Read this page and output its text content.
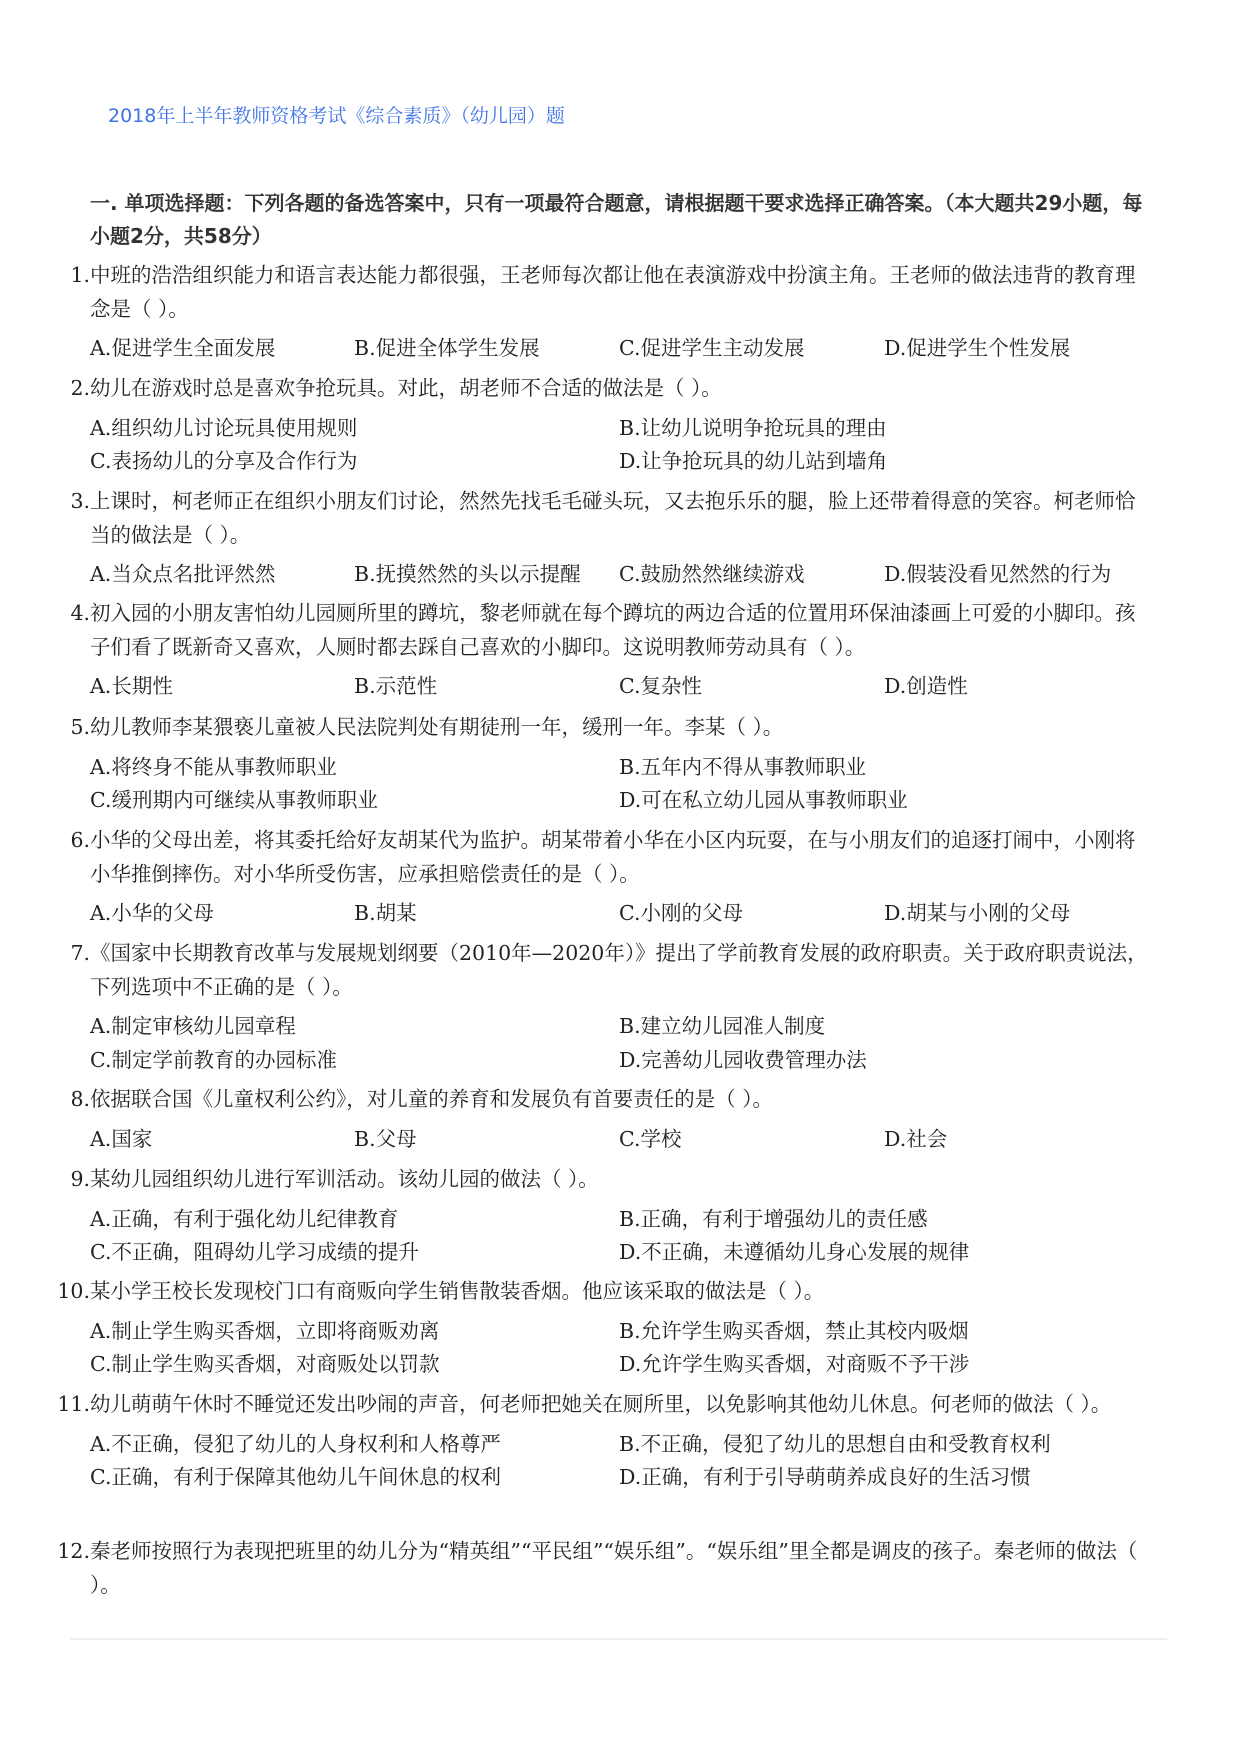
2018年上半年教师资格考试《综合素质》（幼儿园）题
一. 单项选择题：下列各题的备选答案中，只有一项最符合题意，请根据题干要求选择正确答案。（本大题共29小题，每小题2分，共58分）
1. 中班的浩浩组织能力和语言表达能力都很强，王老师每次都让他在表演游戏中扮演主角。王老师的做法违背的教育理念是（ ）。
A.促进学生全面发展	B.促进全体学生发展	C.促进学生主动发展	D.促进学生个性发展
2. 幼儿在游戏时总是喜欢争抢玩具。对此，胡老师不合适的做法是（ ）。
A.组织幼儿讨论玩具使用规则	B.让幼儿说明争抢玩具的理由
C.表扬幼儿的分享及合作行为	D.让争抢玩具的幼儿站到墙角
3. 上课时，柯老师正在组织小朋友们讨论，然然先找毛毛碰头玩，又去抱乐乐的腿，脸上还带着得意的笑容。柯老师恰当的做法是（ ）。
A.当众点名批评然然	B.抚摸然然的头以示提醒	C.鼓励然然继续游戏	D.假装没看见然然的行为
4. 初入园的小朋友害怕幼儿园厕所里的蹲坑，黎老师就在每个蹲坑的两边合适的位置用环保油漆画上可爱的小脚印。孩子们看了既新奇又喜欢，人厕时都去踩自己喜欢的小脚印。这说明教师劳动具有（ ）。
A.长期性	B.示范性	C.复杂性	D.创造性
5. 幼儿教师李某猥亵儿童被人民法院判处有期徒刑一年，缓刑一年。李某（ ）。
A.将终身不能从事教师职业	B.五年内不得从事教师职业
C.缓刑期内可继续从事教师职业	D.可在私立幼儿园从事教师职业
6. 小华的父母出差，将其委托给好友胡某代为监护。胡某带着小华在小区内玩耍，在与小朋友们的追逐打闹中，小刚将小华推倒摔伤。对小华所受伤害，应承担赔偿责任的是（ ）。
A.小华的父母	B.胡某	C.小刚的父母	D.胡某与小刚的父母
7. 《国家中长期教育改革与发展规划纲要（2010年—2020年）》提出了学前教育发展的政府职责。关于政府职责说法，下列选项中不正确的是（ ）。
A.制定审核幼儿园章程	B.建立幼儿园准人制度
C.制定学前教育的办园标准	D.完善幼儿园收费管理办法
8. 依据联合国《儿童权利公约》，对儿童的养育和发展负有首要责任的是（ ）。
A.国家	B.父母	C.学校	D.社会
9. 某幼儿园组织幼儿进行军训活动。该幼儿园的做法（ ）。
A.正确，有利于强化幼儿纪律教育	B.正确，有利于增强幼儿的责任感
C.不正确，阻碍幼儿学习成绩的提升	D.不正确，未遵循幼儿身心发展的规律
10. 某小学王校长发现校门口有商贩向学生销售散装香烟。他应该采取的做法是（ ）。
A.制止学生购买香烟，立即将商贩劝离	B.允许学生购买香烟，禁止其校内吸烟
C.制止学生购买香烟，对商贩处以罚款	D.允许学生购买香烟，对商贩不予干涉
11. 幼儿萌萌午休时不睡觉还发出吵闹的声音，何老师把她关在厕所里，以免影响其他幼儿休息。何老师的做法（ ）。
A.不正确，侵犯了幼儿的人身权利和人格尊严	B.不正确，侵犯了幼儿的思想自由和受教育权利
C.正确，有利于保障其他幼儿午间休息的权利	D.正确，有利于引导萌萌养成良好的生活习惯
12. 秦老师按照行为表现把班里的幼儿分为“精英组”“平民组”“娱乐组”。“娱乐组”里全都是调皮的孩子。秦老师的做法（ ）。
